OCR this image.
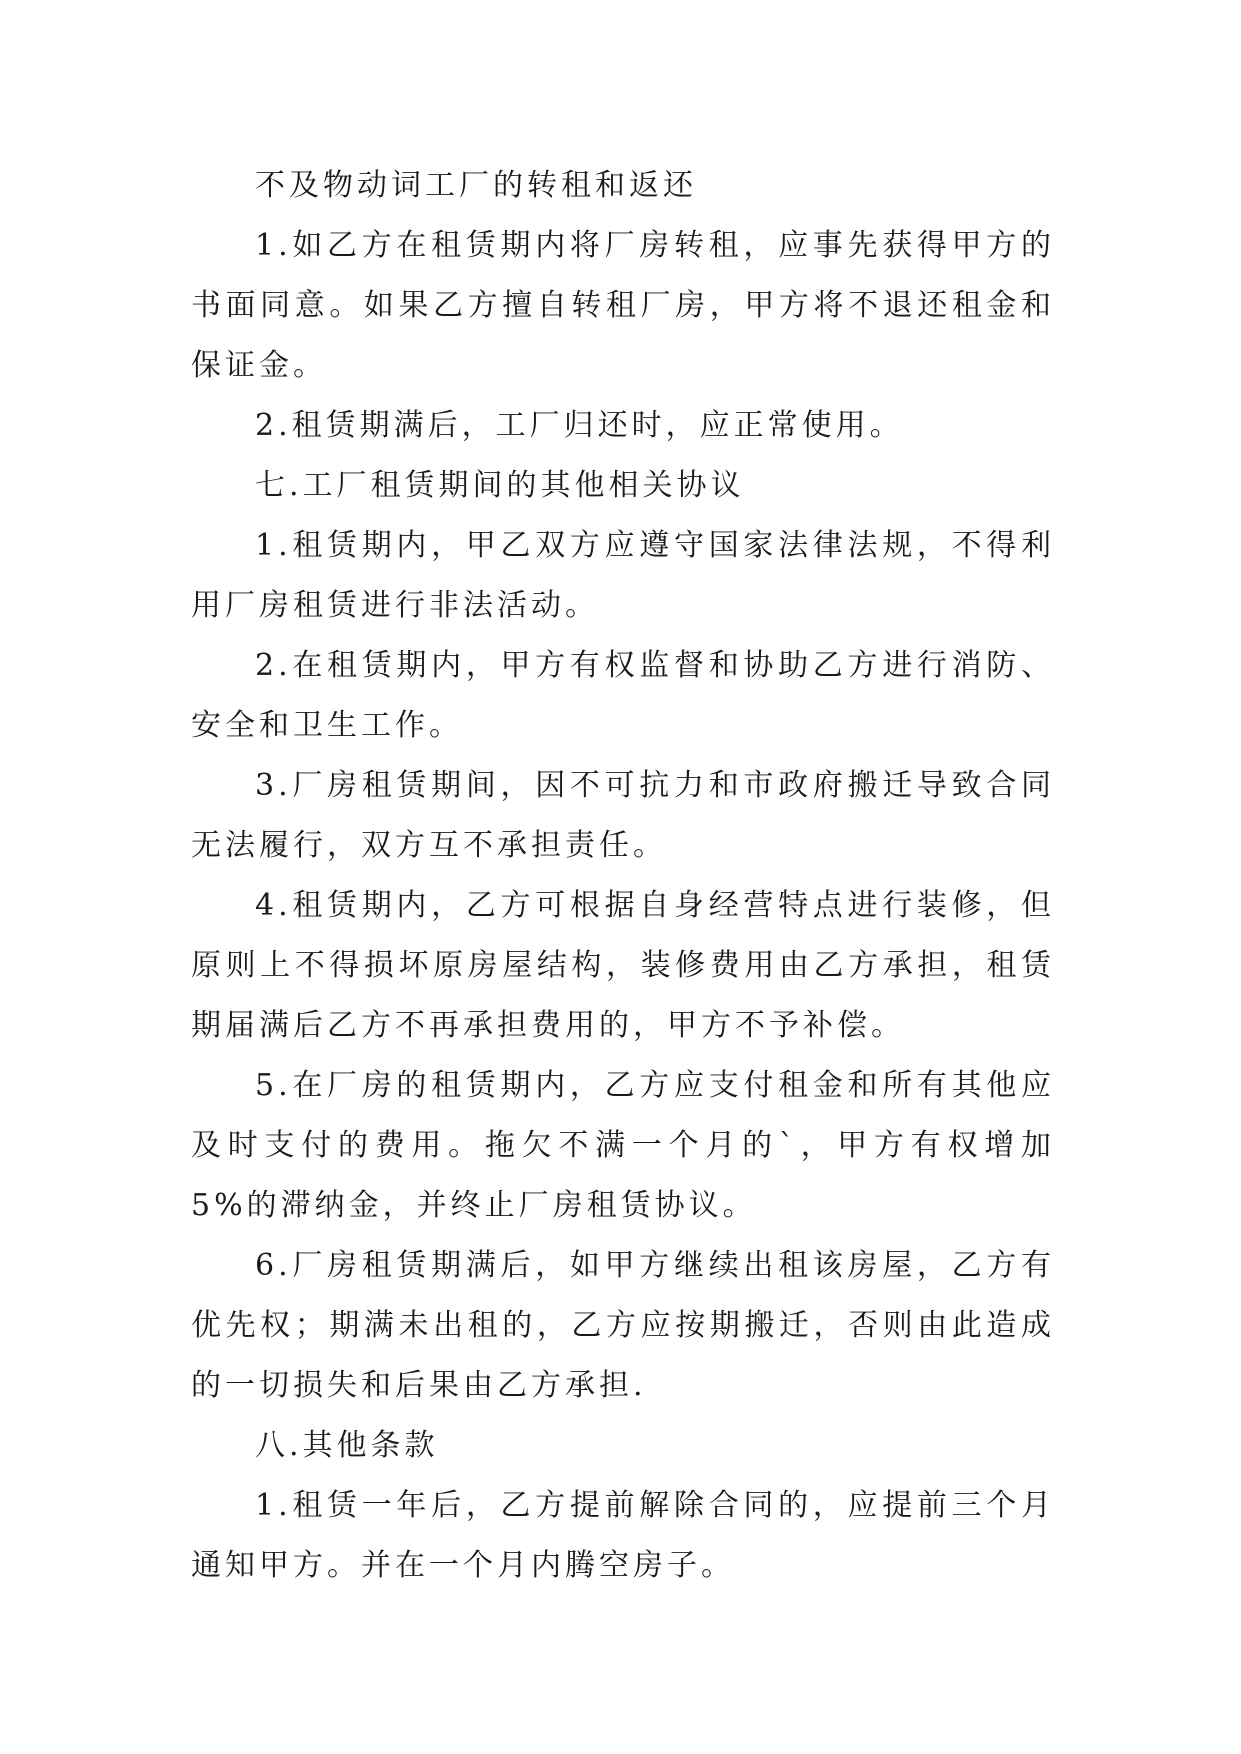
不及物动词工厂的转租和返还

1.如乙方在租赁期内将厂房转租，应事先获得甲方的书面同意。如果乙方擅自转租厂房，甲方将不退还租金和保证金。

2.租赁期满后，工厂归还时，应正常使用。

七.工厂租赁期间的其他相关协议

1.租赁期内，甲乙双方应遵守国家法律法规，不得利用厂房租赁进行非法活动。

2.在租赁期内，甲方有权监督和协助乙方进行消防、安全和卫生工作。

3.厂房租赁期间，因不可抗力和市政府搬迁导致合同无法履行，双方互不承担责任。

4.租赁期内，乙方可根据自身经营特点进行装修，但原则上不得损坏原房屋结构，装修费用由乙方承担，租赁期届满后乙方不再承担费用的，甲方不予补偿。

5.在厂房的租赁期内，乙方应支付租金和所有其他应及时支付的费用。拖欠不满一个月的`，甲方有权增加 5%的滞纳金，并终止厂房租赁协议。

6.厂房租赁期满后，如甲方继续出租该房屋，乙方有优先权；期满未出租的，乙方应按期搬迁，否则由此造成的一切损失和后果由乙方承担.

八.其他条款

1.租赁一年后，乙方提前解除合同的，应提前三个月通知甲方。并在一个月内腾空房子。
